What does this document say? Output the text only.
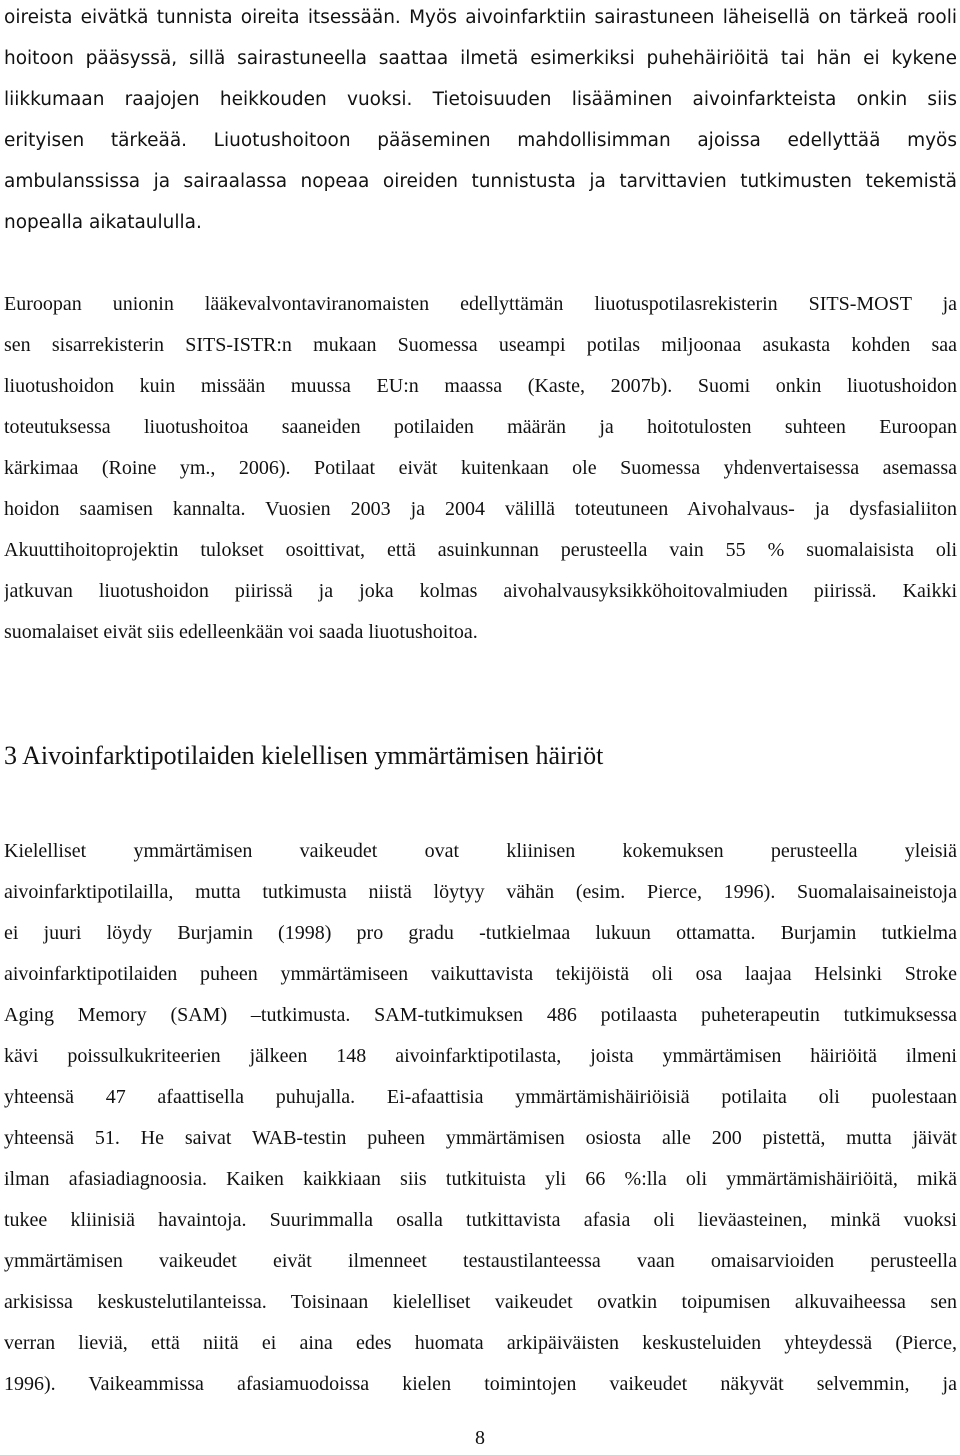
oireista eivätkä tunnista oireita itsessään. Myös aivoinfarktiin sairastuneen läheisellä on tärkeä rooli
hoitoon pääsyssä, sillä sairastuneella saattaa ilmetä esimerkiksi puhehäiriöitä tai hän ei kykene
liikkumaan raajojen heikkouden vuoksi. Tietoisuuden lisääminen aivoinfarkteista onkin siis
erityisen tärkeää. Liuotushoitoon pääseminen mahdollisimman ajoissa edellyttää myös
ambulanssissa ja sairaalassa nopeaa oireiden tunnistusta ja tarvittavien tutkimusten tekemistä
nopealla aikataululla.
Euroopan unionin lääkevalvontaviranomaisten edellyttämän liuotuspotilasrekisterin SITS-MOST ja
sen sisarrekisterin SITS-ISTR:n mukaan Suomessa useampi potilas miljoonaa asukasta kohden saa
liuotushoidon kuin missään muussa EU:n maassa (Kaste, 2007b). Suomi onkin liuotushoidon
toteutuksessa liuotushoitoa saaneiden potilaiden määrän ja hoitotulosten suhteen Euroopan
kärkimaa (Roine ym., 2006). Potilaat eivät kuitenkaan ole Suomessa yhdenvertaisessa asemassa
hoidon saamisen kannalta. Vuosien 2003 ja 2004 välillä toteutuneen Aivohalvaus- ja dysfasialiiton
Akuuttihoitoprojektin tulokset osoittivat, että asuinkunnan perusteella vain 55 % suomalaisista oli
jatkuvan liuotushoidon piirissä ja joka kolmas aivohalvausyksikköhoitovalmiuden piirissä. Kaikki
suomalaiset eivät siis edelleenkään voi saada liuotushoitoa.
3 Aivoinfarktipotilaiden kielellisen ymmärtämisen häiriöt
Kielelliset ymmärtämisen vaikeudet ovat kliinisen kokemuksen perusteella yleisiä
aivoinfarktipotilailla, mutta tutkimusta niistä löytyy vähän (esim. Pierce, 1996). Suomalaisaineistoja
ei juuri löydy Burjamin (1998) pro gradu -tutkielmaa lukuun ottamatta. Burjamin tutkielma
aivoinfarktipotilaiden puheen ymmärtämiseen vaikuttavista tekijöistä oli osa laajaa Helsinki Stroke
Aging Memory (SAM) –tutkimusta. SAM-tutkimuksen 486 potilaasta puheterapeutin tutkimuksessa
kävi poissulkukriteerien jälkeen 148 aivoinfarktipotilasta, joista ymmärtämisen häiriöitä ilmeni
yhteensä 47 afaattisella puhujalla. Ei-afaattisia ymmärtämishäiriöisiä potilaita oli puolestaan
yhteensä 51. He saivat WAB-testin puheen ymmärtämisen osiosta alle 200 pistettä, mutta jäivät
ilman afasiadiagnoosia. Kaiken kaikkiaan siis tutkituista yli 66 %:lla oli ymmärtämishäiriöitä, mikä
tukee kliinisiä havaintoja. Suurimmalla osalla tutkittavista afasia oli lieväasteinen, minkä vuoksi
ymmärtämisen vaikeudet eivät ilmenneet testaustilanteessa vaan omaisarvioiden perusteella
arkisissa keskustelutilanteissa. Toisinaan kielelliset vaikeudet ovatkin toipumisen alkuvaiheessa sen
verran lieviä, että niitä ei aina edes huomata arkipäiväisten keskusteluiden yhteydessä (Pierce,
1996). Vaikeammissa afasiamuodoissa kielen toimintojen vaikeudet näkyvät selvemmin, ja
8
